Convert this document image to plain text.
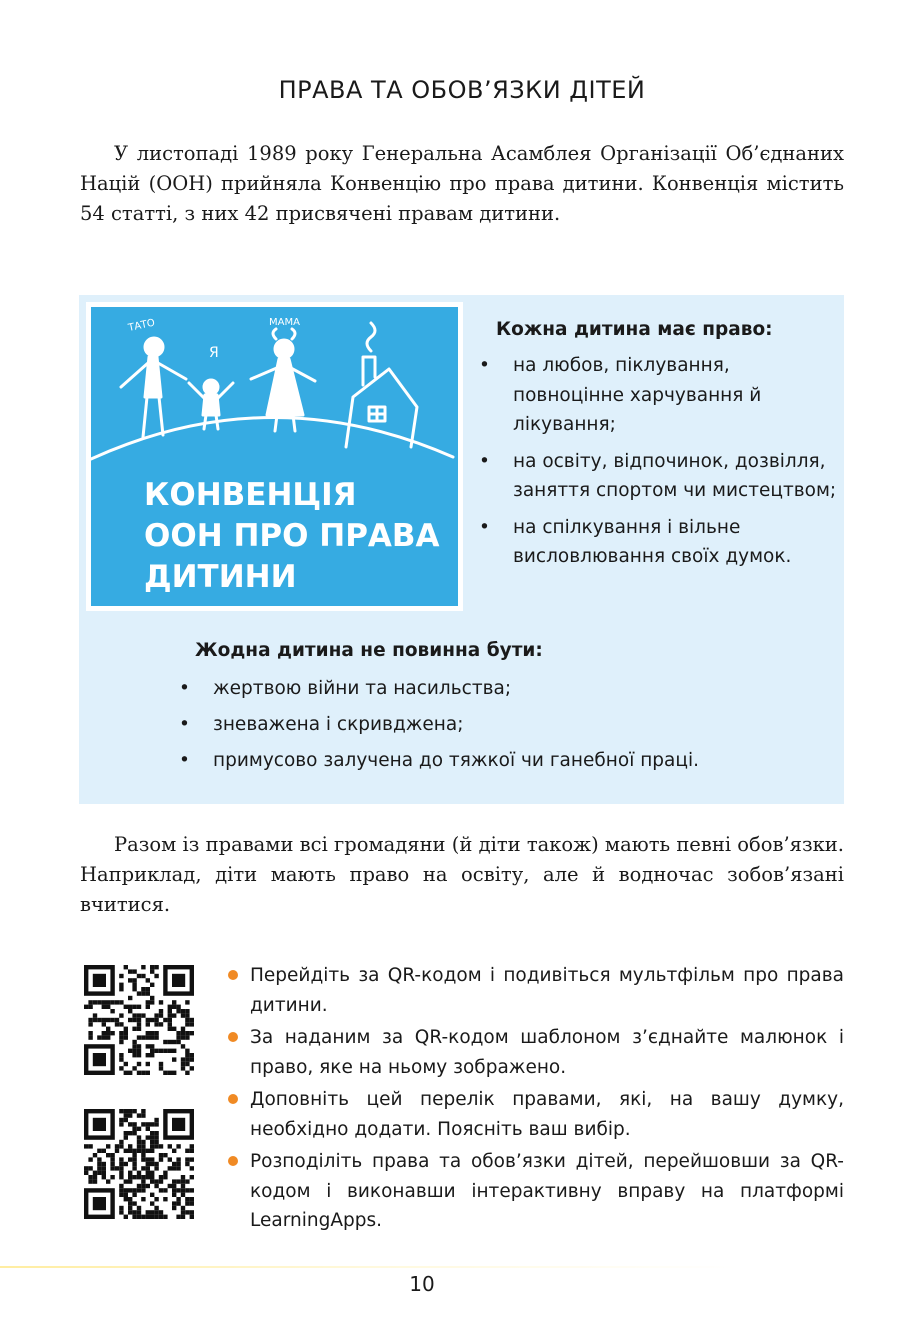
ПРАВА ТА ОБОВ’ЯЗКИ ДІТЕЙ

У листопаді 1989 року Генеральна Асамблея Організації Об’єднаних Націй (ООН) прийняла Конвенцію про права дитини. Конвенція містить 54 статті, з них 42 присвячені правам дитини.

ТАТО
Я
МАМА
КОНВЕНЦІЯ
ООН ПРО ПРАВА
ДИТИНИ
Кожна дитина має право:
• на любов, піклування, повноцінне харчування й лікування;
• на освіту, відпочинок, дозвілля, заняття спортом чи мистецтвом;
• на спілкування і вільне висловлювання своїх думок.
Жодна дитина не повинна бути:
• жертвою війни та насильства;
• зневажена і скривджена;
• примусово залучена до тяжкої чи ганебної праці.

Разом із правами всі громадяни (й діти також) мають певні обов’язки. Наприклад, діти мають право на освіту, але й водночас зобов’язані вчитися.

Перейдіть за QR-кодом і подивіться мультфільм про права дитини.
За наданим за QR-кодом шаблоном з’єднайте малюнок і право, яке на ньому зображено.
Доповніть цей перелік правами, які, на вашу думку, необхідно додати. Поясніть ваш вибір.
Розподіліть права та обов’язки дітей, перейшовши за QR-кодом і виконавши інтерактивну вправу на платформі LearningApps.
10
